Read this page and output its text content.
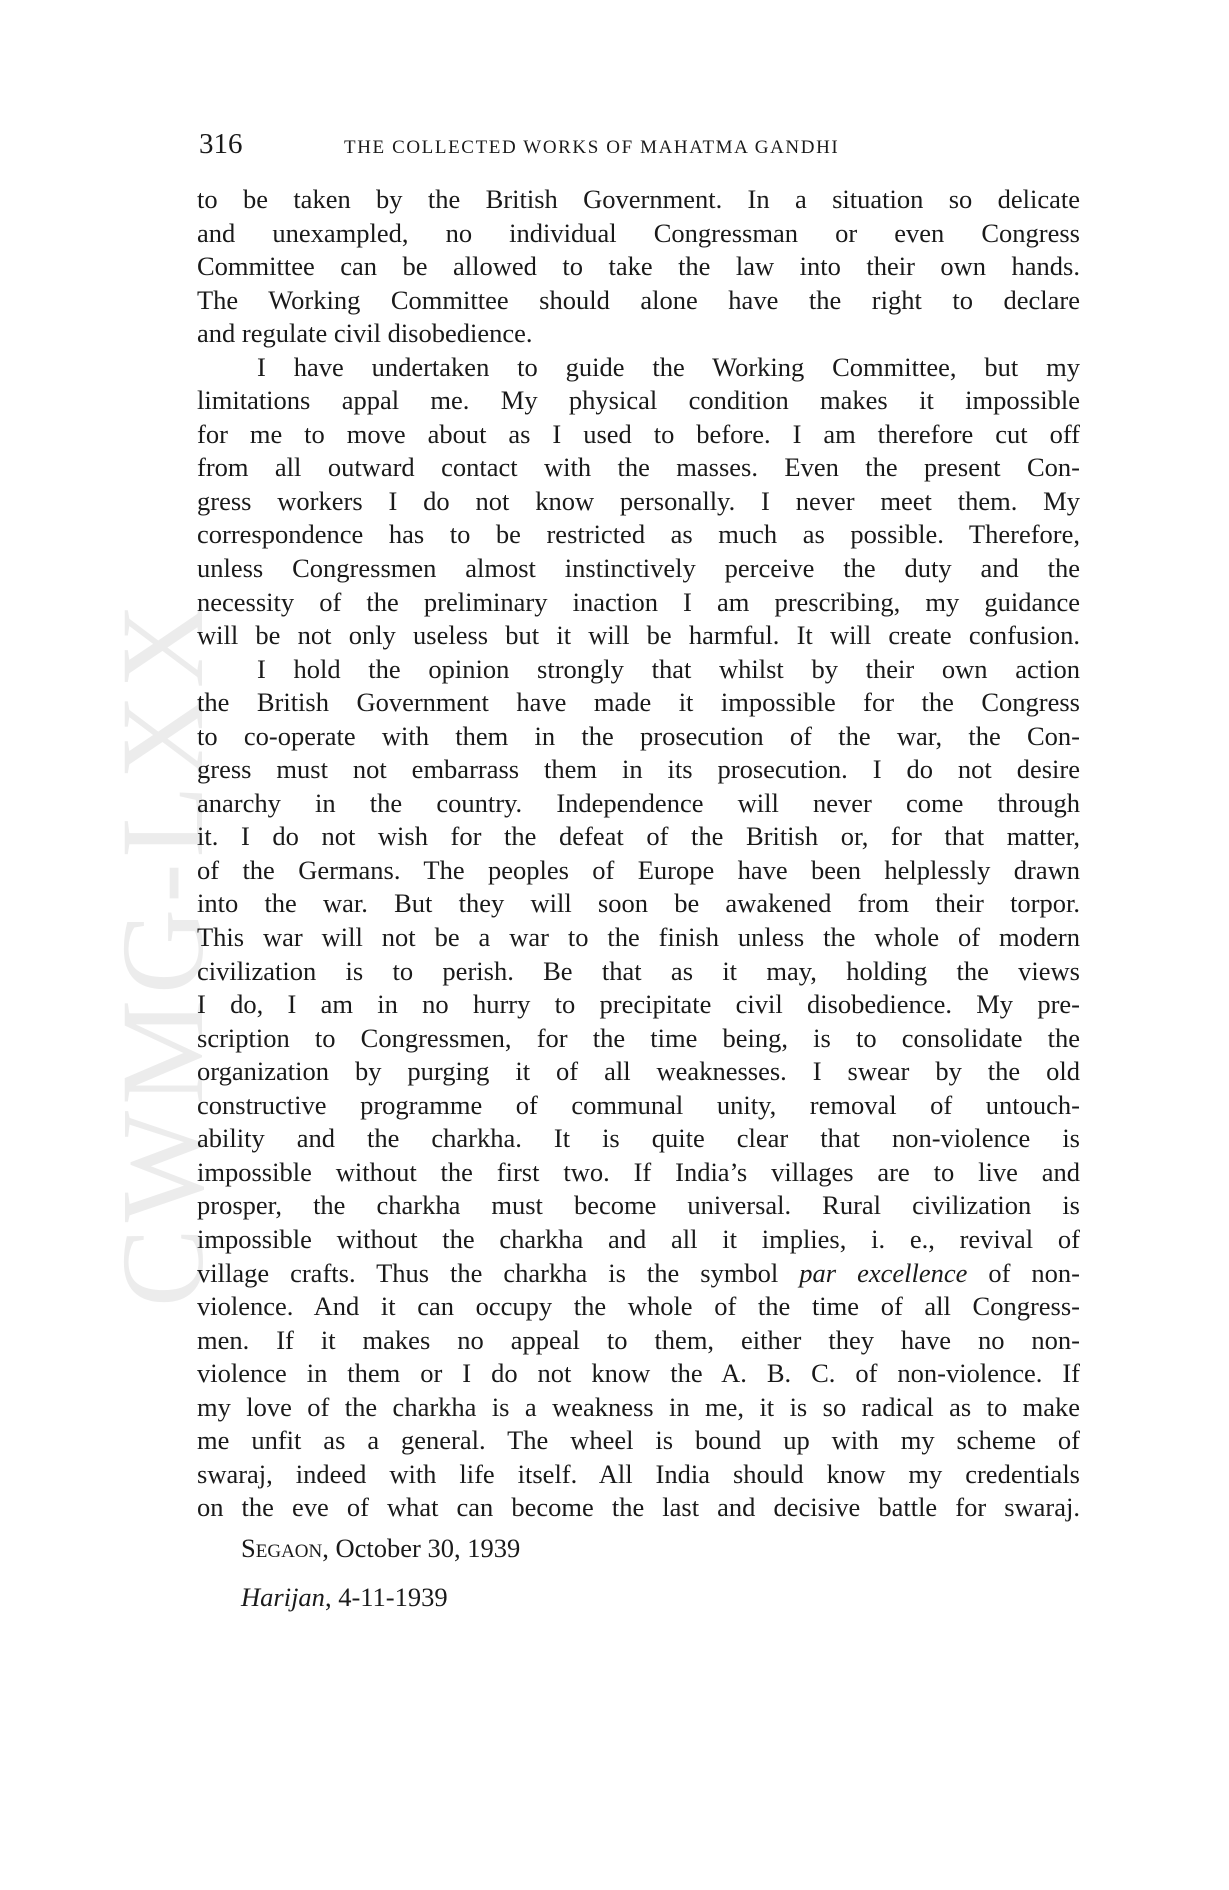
CWMG-LXX
316	THE COLLECTED WORKS OF MAHATMA GANDHI
to be taken by the British Government. In a situation so delicate
and unexampled, no individual Congressman or even Congress
Committee can be allowed to take the law into their own hands.
The Working Committee should alone have the right to declare
and regulate civil disobedience.
I have undertaken to guide the Working Committee, but my
limitations appal me. My physical condition makes it impossible
for me to move about as I used to before. I am therefore cut off
from all outward contact with the masses. Even the present Con-
gress workers I do not know personally. I never meet them. My
correspondence has to be restricted as much as possible. Therefore,
unless Congressmen almost instinctively perceive the duty and the
necessity of the preliminary inaction I am prescribing, my guidance
will be not only useless but it will be harmful. It will create confusion.
I hold the opinion strongly that whilst by their own action
the British Government have made it impossible for the Congress
to co-operate with them in the prosecution of the war, the Con-
gress must not embarrass them in its prosecution. I do not desire
anarchy in the country. Independence will never come through
it. I do not wish for the defeat of the British or, for that matter,
of the Germans. The peoples of Europe have been helplessly drawn
into the war. But they will soon be awakened from their torpor.
This war will not be a war to the finish unless the whole of modern
civilization is to perish. Be that as it may, holding the views
I do, I am in no hurry to precipitate civil disobedience. My pre-
scription to Congressmen, for the time being, is to consolidate the
organization by purging it of all weaknesses. I swear by the old
constructive programme of communal unity, removal of untouch-
ability and the charkha. It is quite clear that non-violence is
impossible without the first two. If India’s villages are to live and
prosper, the charkha must become universal. Rural civilization is
impossible without the charkha and all it implies, i. e., revival of
village crafts. Thus the charkha is the symbol par excellence of non-
violence. And it can occupy the whole of the time of all Congress-
men. If it makes no appeal to them, either they have no non-
violence in them or I do not know the A. B. C. of non-violence. If
my love of the charkha is a weakness in me, it is so radical as to make
me unfit as a general. The wheel is bound up with my scheme of
swaraj, indeed with life itself. All India should know my credentials
on the eve of what can become the last and decisive battle for swaraj.
Segaon, October 30, 1939
Harijan, 4-11-1939
